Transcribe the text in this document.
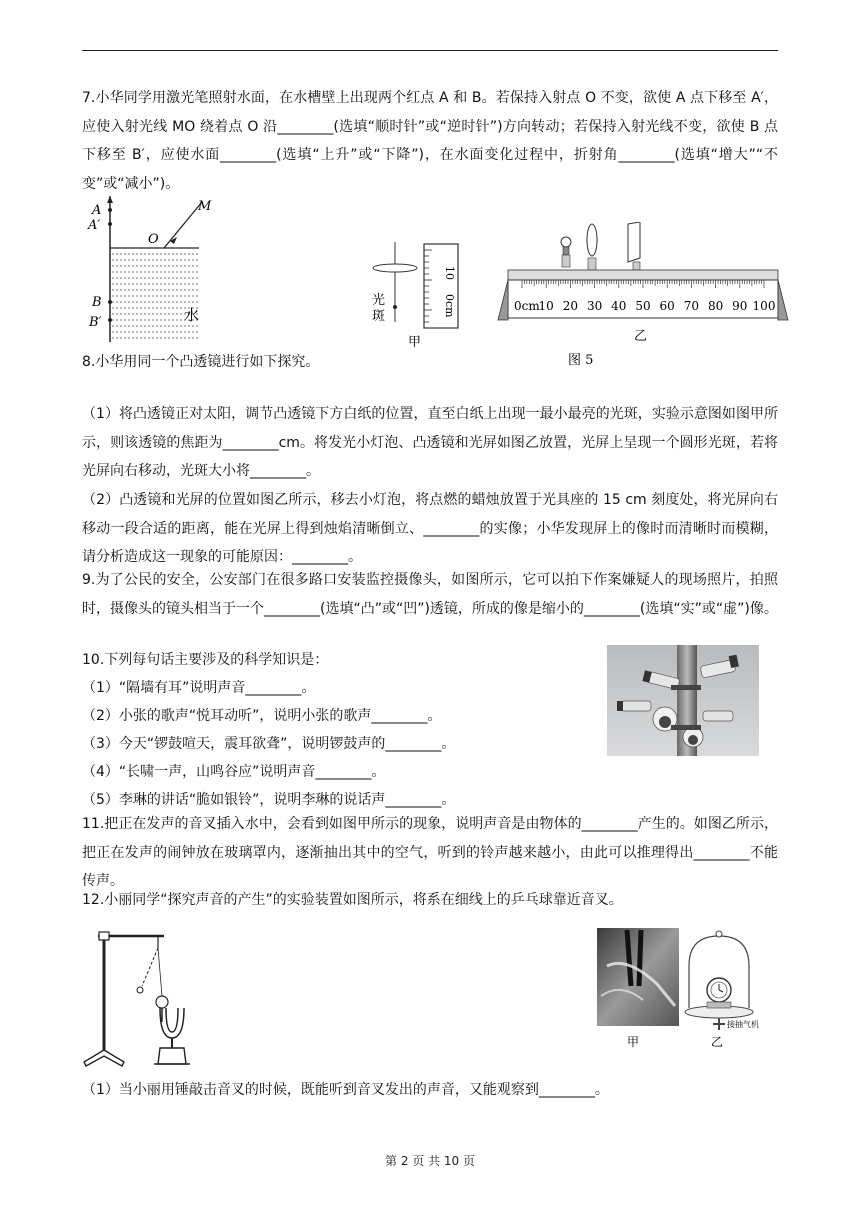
7.小华同学用激光笔照射水面，在水槽壁上出现两个红点 A 和 B。若保持入射点 O 不变，欲使 A 点下移至 A′，应使入射光线 MO 绕着点 O 沿________(选填“顺时针”或“逆时针”)方向转动；若保持入射光线不变，欲使 B 点下移至 B′，应使水面________(选填“上升”或“下降”)，在水面变化过程中，折射角________(选填“增大”“不变”或“减小”)。

A
A′
O
M
B
B′	水
10
0cm
光
斑
甲
0cm
10 20 30 40 50 60 70 80 90 100
乙
图 5

8.小华用同一个凸透镜进行如下探究。

（1）将凸透镜正对太阳，调节凸透镜下方白纸的位置，直至白纸上出现一最小最亮的光斑，实验示意图如图甲所示，则该透镜的焦距为________cm。将发光小灯泡、凸透镜和光屏如图乙放置，光屏上呈现一个圆形光斑，若将光屏向右移动，光斑大小将________。

（2）凸透镜和光屏的位置如图乙所示，移去小灯泡，将点燃的蜡烛放置于光具座的 15 cm 刻度处，将光屏向右移动一段合适的距离，能在光屏上得到烛焰清晰倒立、________的实像；小华发现屏上的像时而清晰时而模糊，请分析造成这一现象的可能原因：________。

9.为了公民的安全，公安部门在很多路口安装监控摄像头，如图所示，它可以拍下作案嫌疑人的现场照片，拍照时，摄像头的镜头相当于一个________(选填“凸”或“凹”)透镜，所成的像是缩小的________(选填“实”或“虚”)像。

10.下列每句话主要涉及的科学知识是：

（1）“隔墙有耳”说明声音________。

（2）小张的歌声“悦耳动听”，说明小张的歌声________。

（3）今天“锣鼓喧天，震耳欲聋”，说明锣鼓声的________。

（4）“长啸一声，山鸣谷应”说明声音________。

（5）李琳的讲话“脆如银铃”，说明李琳的说话声________。

11.把正在发声的音叉插入水中，会看到如图甲所示的现象，说明声音是由物体的________产生的。如图乙所示，把正在发声的闹钟放在玻璃罩内，逐渐抽出其中的空气，听到的铃声越来越小，由此可以推理得出________不能传声。

12.小丽同学“探究声音的产生”的实验装置如图所示，将系在细线上的乒乓球靠近音叉。

甲
接抽气机
乙

（1）当小丽用锤敲击音叉的时候，既能听到音叉发出的声音，又能观察到________。

第 2 页 共 10 页
